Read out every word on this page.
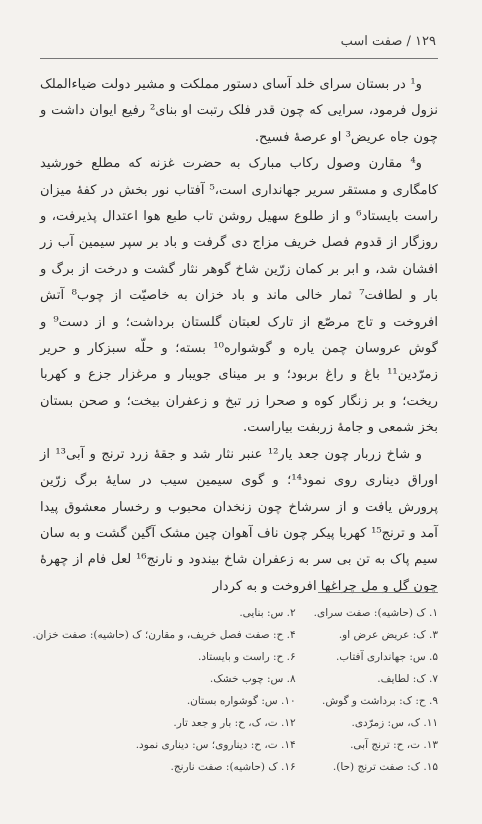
۱۲۹ / صفت اسب

و¹ در بستان سرای خلد آسای دستور مملکت و مشیر دولت ضیاءالملک نزول فرمود، سرایی که چون قدر فلک رتبت او بنای² رفیع ایوان داشت و چون جاه عریض³ او عرصهٔ فسیح.

و⁴ مقارن وصول رکاب مبارک به حضرت غزنه که مطلع خورشید کامگاری و مستقر سریر جهانداری است،⁵ آفتاب نور بخش در کفهٔ میزان راست بایستاد⁶ و از طلوع سهیل روشن تاب طبع هوا اعتدال پذیرفت، و روزگار از قدوم فصل خریف مزاج دی گرفت و باد بر سپر سیمین آب زر افشان شد، و ابر بر کمان زرّین شاخ گوهر نثار گشت و درخت از برگ و بار و لطافت⁷ ثمار خالی ماند و باد خزان به خاصیّت از چوب⁸ آتش افروخت و تاج مرصّع از تارک لعبتان گلستان برداشت؛ و از دست⁹ و گوش عروسان چمن یاره و گوشواره¹⁰ بسته؛ و حلّه سبزکار و حریر زمرّدین¹¹ باغ و راغ بربود؛ و بر مینای جویبار و مرغزار جزع و کهربا ریخت؛ و بر زنگار کوه و صحرا زر تبخ و زعفران بیخت؛ و صحن بستان بخز شمعی و جامهٔ زربفت بیاراست.

و شاخ زربار چون جعد یار¹² عنبر نثار شد و جقهٔ زرد ترنج و آبی¹³ از اوراق دیناری روی نمود¹⁴؛ و گوی سیمین سیب در سایهٔ برگ زرّین پرورش یافت و از سرشاخ چون زنخدان محبوب و رخسار معشوق پیدا آمد و ترنج¹⁵ کهربا پیکر چون ناف آهوان چین مشک آگین گشت و به سان سیم پاک به تن بی سر به زعفران شاخ بیندود و نارنج¹⁶ لعل فام از چهرهٔ چون گل و مل چراغها افروخت و به کردار

۱. ک (حاشیه): صفت سرای.
۲. س: بنایی.
۳. ک: عریض عرض او.
۴. ح: صفت فصل خریف، و مقارن؛ ک (حاشیه): صفت خزان.
۵. س: جهانداری آفتاب.
۶. ح: راست و بایستاد.
۷. ک: لطایف.
۸. س: چوب خشک.
۹. ح: ک: برداشت و گوش.
۱۰. س: گوشواره بستان.
۱۱. ک، س: زمرّدی.
۱۲. ت، ک، ح: بار و جعد تار.
۱۳. ت، ح: ترنج آبی.
۱۴. ت، ح: دیناروی؛ س: دیناری نمود.
۱۵. ک: صفت ترنج (حا).
۱۶. ک (حاشیه): صفت نارنج.
